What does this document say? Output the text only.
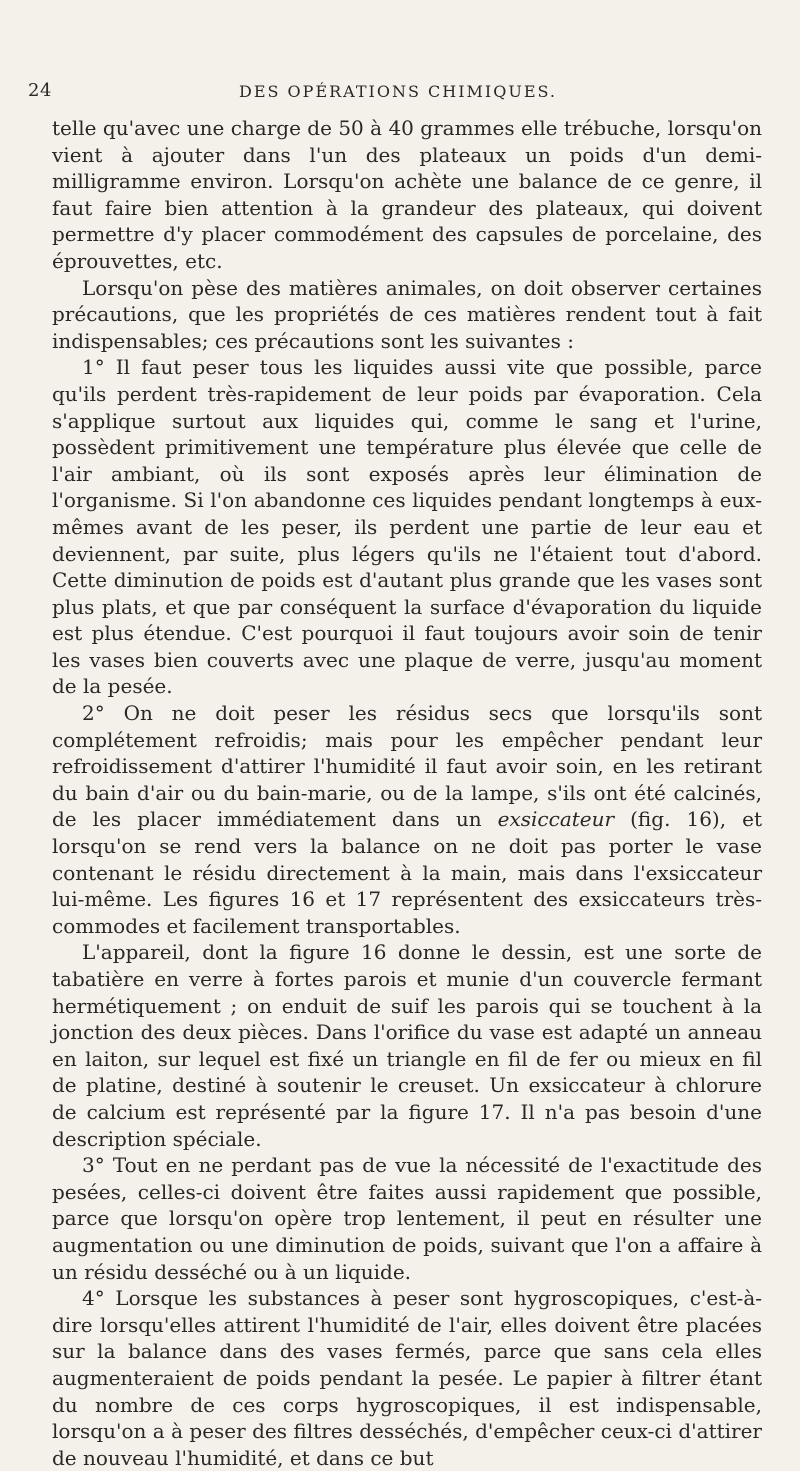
24	DES OPÉRATIONS CHIMIQUES.

telle qu'avec une charge de 50 à 40 grammes elle trébuche, lorsqu'on vient à ajouter dans l'un des plateaux un poids d'un demi-milligramme environ. Lorsqu'on achète une balance de ce genre, il faut faire bien attention à la grandeur des plateaux, qui doivent permettre d'y placer commodément des capsules de porcelaine, des éprouvettes, etc.

Lorsqu'on pèse des matières animales, on doit observer certaines précautions, que les propriétés de ces matières rendent tout à fait indispensables; ces précautions sont les suivantes :

1° Il faut peser tous les liquides aussi vite que possible, parce qu'ils perdent très-rapidement de leur poids par évaporation. Cela s'applique surtout aux liquides qui, comme le sang et l'urine, possèdent primitivement une température plus élevée que celle de l'air ambiant, où ils sont exposés après leur élimination de l'organisme. Si l'on abandonne ces liquides pendant longtemps à eux-mêmes avant de les peser, ils perdent une partie de leur eau et deviennent, par suite, plus légers qu'ils ne l'étaient tout d'abord. Cette diminution de poids est d'autant plus grande que les vases sont plus plats, et que par conséquent la surface d'évaporation du liquide est plus étendue. C'est pourquoi il faut toujours avoir soin de tenir les vases bien couverts avec une plaque de verre, jusqu'au moment de la pesée.

2° On ne doit peser les résidus secs que lorsqu'ils sont complétement refroidis; mais pour les empêcher pendant leur refroidissement d'attirer l'humidité il faut avoir soin, en les retirant du bain d'air ou du bain-marie, ou de la lampe, s'ils ont été calcinés, de les placer immédiatement dans un exsiccateur (fig. 16), et lorsqu'on se rend vers la balance on ne doit pas porter le vase contenant le résidu directement à la main, mais dans l'exsiccateur lui-même. Les figures 16 et 17 représentent des exsiccateurs très-commodes et facilement transportables.

L'appareil, dont la figure 16 donne le dessin, est une sorte de tabatière en verre à fortes parois et munie d'un couvercle fermant hermétiquement ; on enduit de suif les parois qui se touchent à la jonction des deux pièces. Dans l'orifice du vase est adapté un anneau en laiton, sur lequel est fixé un triangle en fil de fer ou mieux en fil de platine, destiné à soutenir le creuset. Un exsiccateur à chlorure de calcium est représenté par la figure 17. Il n'a pas besoin d'une description spéciale.

3° Tout en ne perdant pas de vue la nécessité de l'exactitude des pesées, celles-ci doivent être faites aussi rapidement que possible, parce que lorsqu'on opère trop lentement, il peut en résulter une augmentation ou une diminution de poids, suivant que l'on a affaire à un résidu desséché ou à un liquide.

4° Lorsque les substances à peser sont hygroscopiques, c'est-à-dire lorsqu'elles attirent l'humidité de l'air, elles doivent être placées sur la balance dans des vases fermés, parce que sans cela elles augmenteraient de poids pendant la pesée. Le papier à filtrer étant du nombre de ces corps hygroscopiques, il est indispensable, lorsqu'on a à peser des filtres desséchés, d'empêcher ceux-ci d'attirer de nouveau l'humidité, et dans ce but
